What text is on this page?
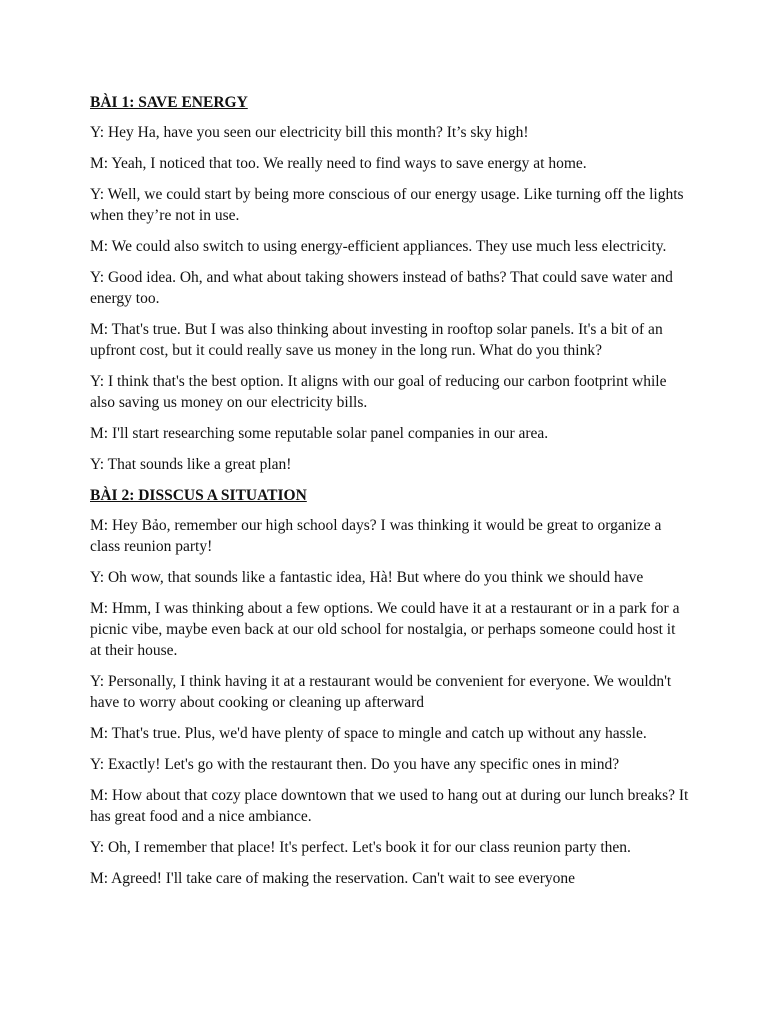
BÀI 1: SAVE ENERGY

Y: Hey Ha, have you seen our electricity bill this month? It’s sky high!

M: Yeah, I noticed that too. We really need to find ways to save energy at home.

Y: Well, we could start by being more conscious of our energy usage. Like turning off the lights when they’re not in use.

M: We could also switch to using energy-efficient appliances. They use much less electricity.

Y: Good idea. Oh, and what about taking showers instead of baths? That could save water and energy too.

M: That's true. But I was also thinking about investing in rooftop solar panels. It's a bit of an upfront cost, but it could really save us money in the long run. What do you think?

Y: I think that's the best option. It aligns with our goal of reducing our carbon footprint while also saving us money on our electricity bills.

M: I'll start researching some reputable solar panel companies in our area.

Y: That sounds like a great plan!

BÀI 2: DISSCUS A SITUATION

M: Hey Bảo, remember our high school days? I was thinking it would be great to organize a class reunion party!

Y: Oh wow, that sounds like a fantastic idea, Hà! But where do you think we should have

M: Hmm, I was thinking about a few options. We could have it at a restaurant or in a park for a picnic vibe, maybe even back at our old school for nostalgia, or perhaps someone could host it at their house.

Y: Personally, I think having it at a restaurant would be convenient for everyone. We wouldn't have to worry about cooking or cleaning up afterward

M: That's true. Plus, we'd have plenty of space to mingle and catch up without any hassle.

Y: Exactly! Let's go with the restaurant then. Do you have any specific ones in mind?

M: How about that cozy place downtown that we used to hang out at during our lunch breaks? It has great food and a nice ambiance.

Y: Oh, I remember that place! It's perfect. Let's book it for our class reunion party then.

M: Agreed! I'll take care of making the reservation. Can't wait to see everyone
